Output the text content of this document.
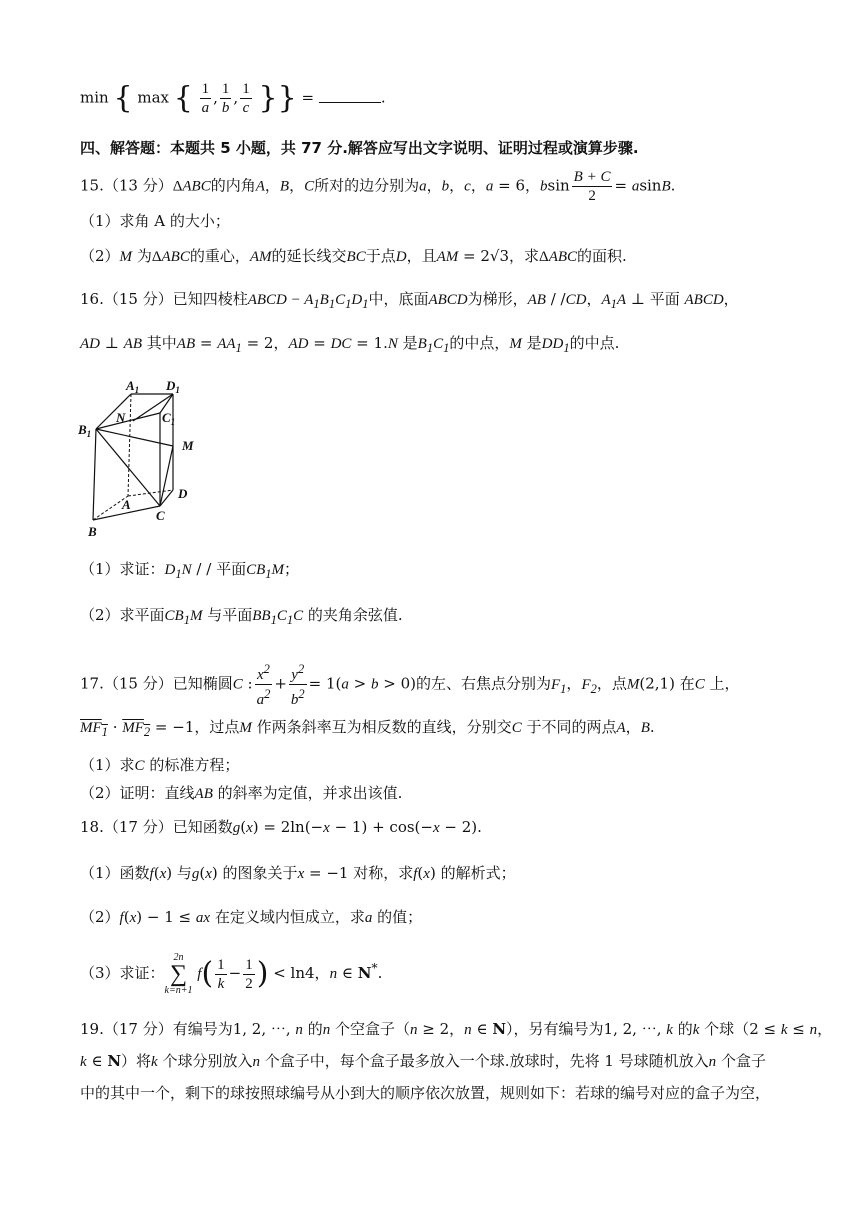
min { max { $\frac{1}{a}$ , $\frac{1}{b}$ , $\frac{1}{c}$ }} =	.
四、解答题：本题共 5 小题，共 77 分.解答应写出文字说明、证明过程或演算步骤.
15.（13 分）ΔABC的内角A，B，C所对的边分别为a，b，c，a = 6，bsin $\frac{B + C}{2} = asinB$.
（1）求角 A 的大小；
（2）M 为ΔABC的重心，AM的延长线交BC于点D，且AM = 2√3，求ΔABC的面积.
16.（15 分）已知四棱柱ABCD − $A_1B_1C_1D_1$中，底面ABCD为梯形，AB / /CD，$A_1A$ ⊥ 平面 ABCD，
AD ⊥ AB 其中AB = $AA_1 = 2$，AD = DC = 1.N 是$B_1C_1$的中点，M 是$DD_1$的中点.
$A_1$ $D_1$
N	$C_1$
$B_1$
M
A
D
C
B
（1）求证：$D_1N$ / / 平面$CB_1M$；
（2）求平面$CB_1M$ 与平面$BB_1C_1C$ 的夹角余弦值.
17.（15 分）已知椭圆C : $\frac{x^2}{a^2} + \frac{y^2}{b^2} = 1(a > b > 0)$的左、右焦点分别为$F_1$，$F_2$，点M(2,1) 在C 上，
$MF_1 \cdot MF_2 = -1$，过点M 作两条斜率互为相反数的直线，分别交C 于不同的两点A，B.
（1）求C 的标准方程；
（2）证明：直线AB 的斜率为定值，并求出该值.
18.（17 分）已知函数g(x) = 2ln(−x − 1) + cos(−x − 2).
（1）函数f(x) 与g(x) 的图象关于x = −1 对称，求f(x) 的解析式；
（2）f(x) − 1 ≤ ax 在定义域内恒成立，求a 的值；
（3）求证：
2n
∑
k=n+1
$f( \frac{1}{k} - \frac{1}{2}$ ) < ln4，n ∈ N*.
19.（17 分）有编号为1, 2, ⋯, n 的n 个空盒子（n ≥ 2，n ∈ N），另有编号为1, 2, ⋯, k 的k 个球（2 ≤ k ≤ n，
k ∈ N）将k 个球分别放入n 个盒子中，每个盒子最多放入一个球.放球时，先将 1 号球随机放入n 个盒子
中的其中一个，剩下的球按照球编号从小到大的顺序依次放置，规则如下：若球的编号对应的盒子为空，
